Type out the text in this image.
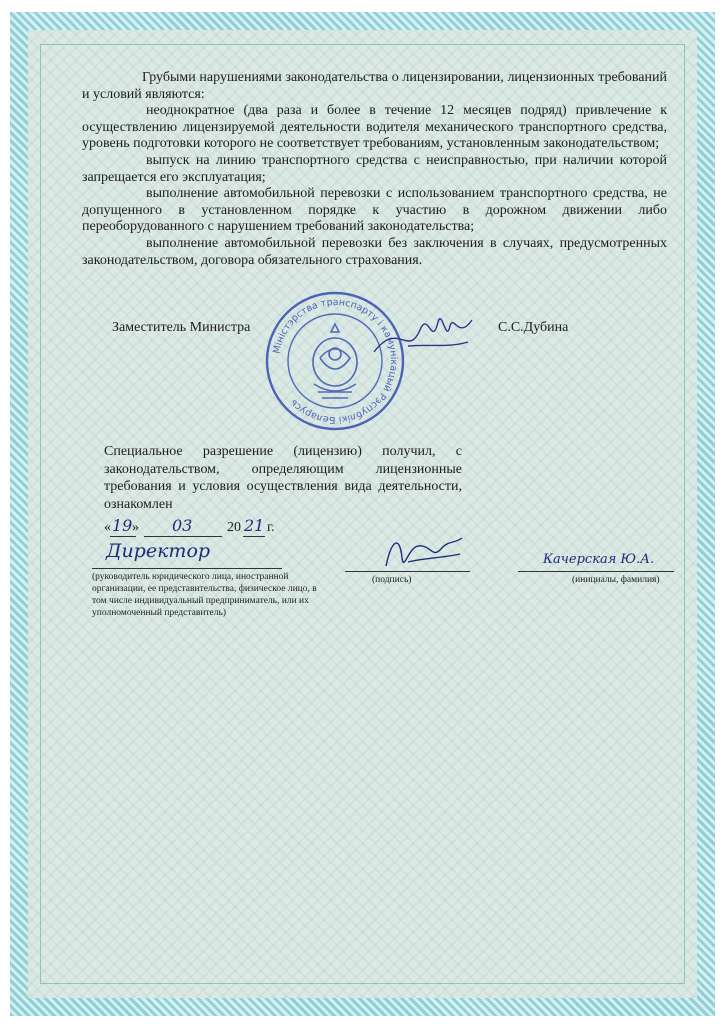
Грубыми нарушениями законодательства о лицензировании, лицензионных требований и условий являются:

неоднократное (два раза и более в течение 12 месяцев подряд) привлечение к осуществлению лицензируемой деятельности водителя механического транспортного средства, уровень подготовки которого не соответствует требованиям, установленным законодательством;

выпуск на линию транспортного средства с неисправностью, при наличии которой запрещается его эксплуатация;

выполнение автомобильной перевозки с использованием транспортного средства, не допущенного в установленном порядке к участию в дорожном движении либо переоборудованного с нарушением требований законодательства;

выполнение автомобильной перевозки без заключения в случаях, предусмотренных законодательством, договора обязательного страхования.

Заместитель Министра	С.С.Дубина
Міністэрства транспарту і камунікацый Рэспублікі Беларусь
Специальное разрешение (лицензию) получил, с законодательством, определяющим лицензионные требования и условия осуществления вида деятельности, ознакомлен
« 19 » 03 20 21 г.
Директор
(руководитель юридического лица, иностранной организации, ее представительства, физическое лицо, в том числе индивидуальный предприниматель, или их уполномоченный представитель)
(подпись)
Качерская Ю.А.
(инициалы, фамилия)
